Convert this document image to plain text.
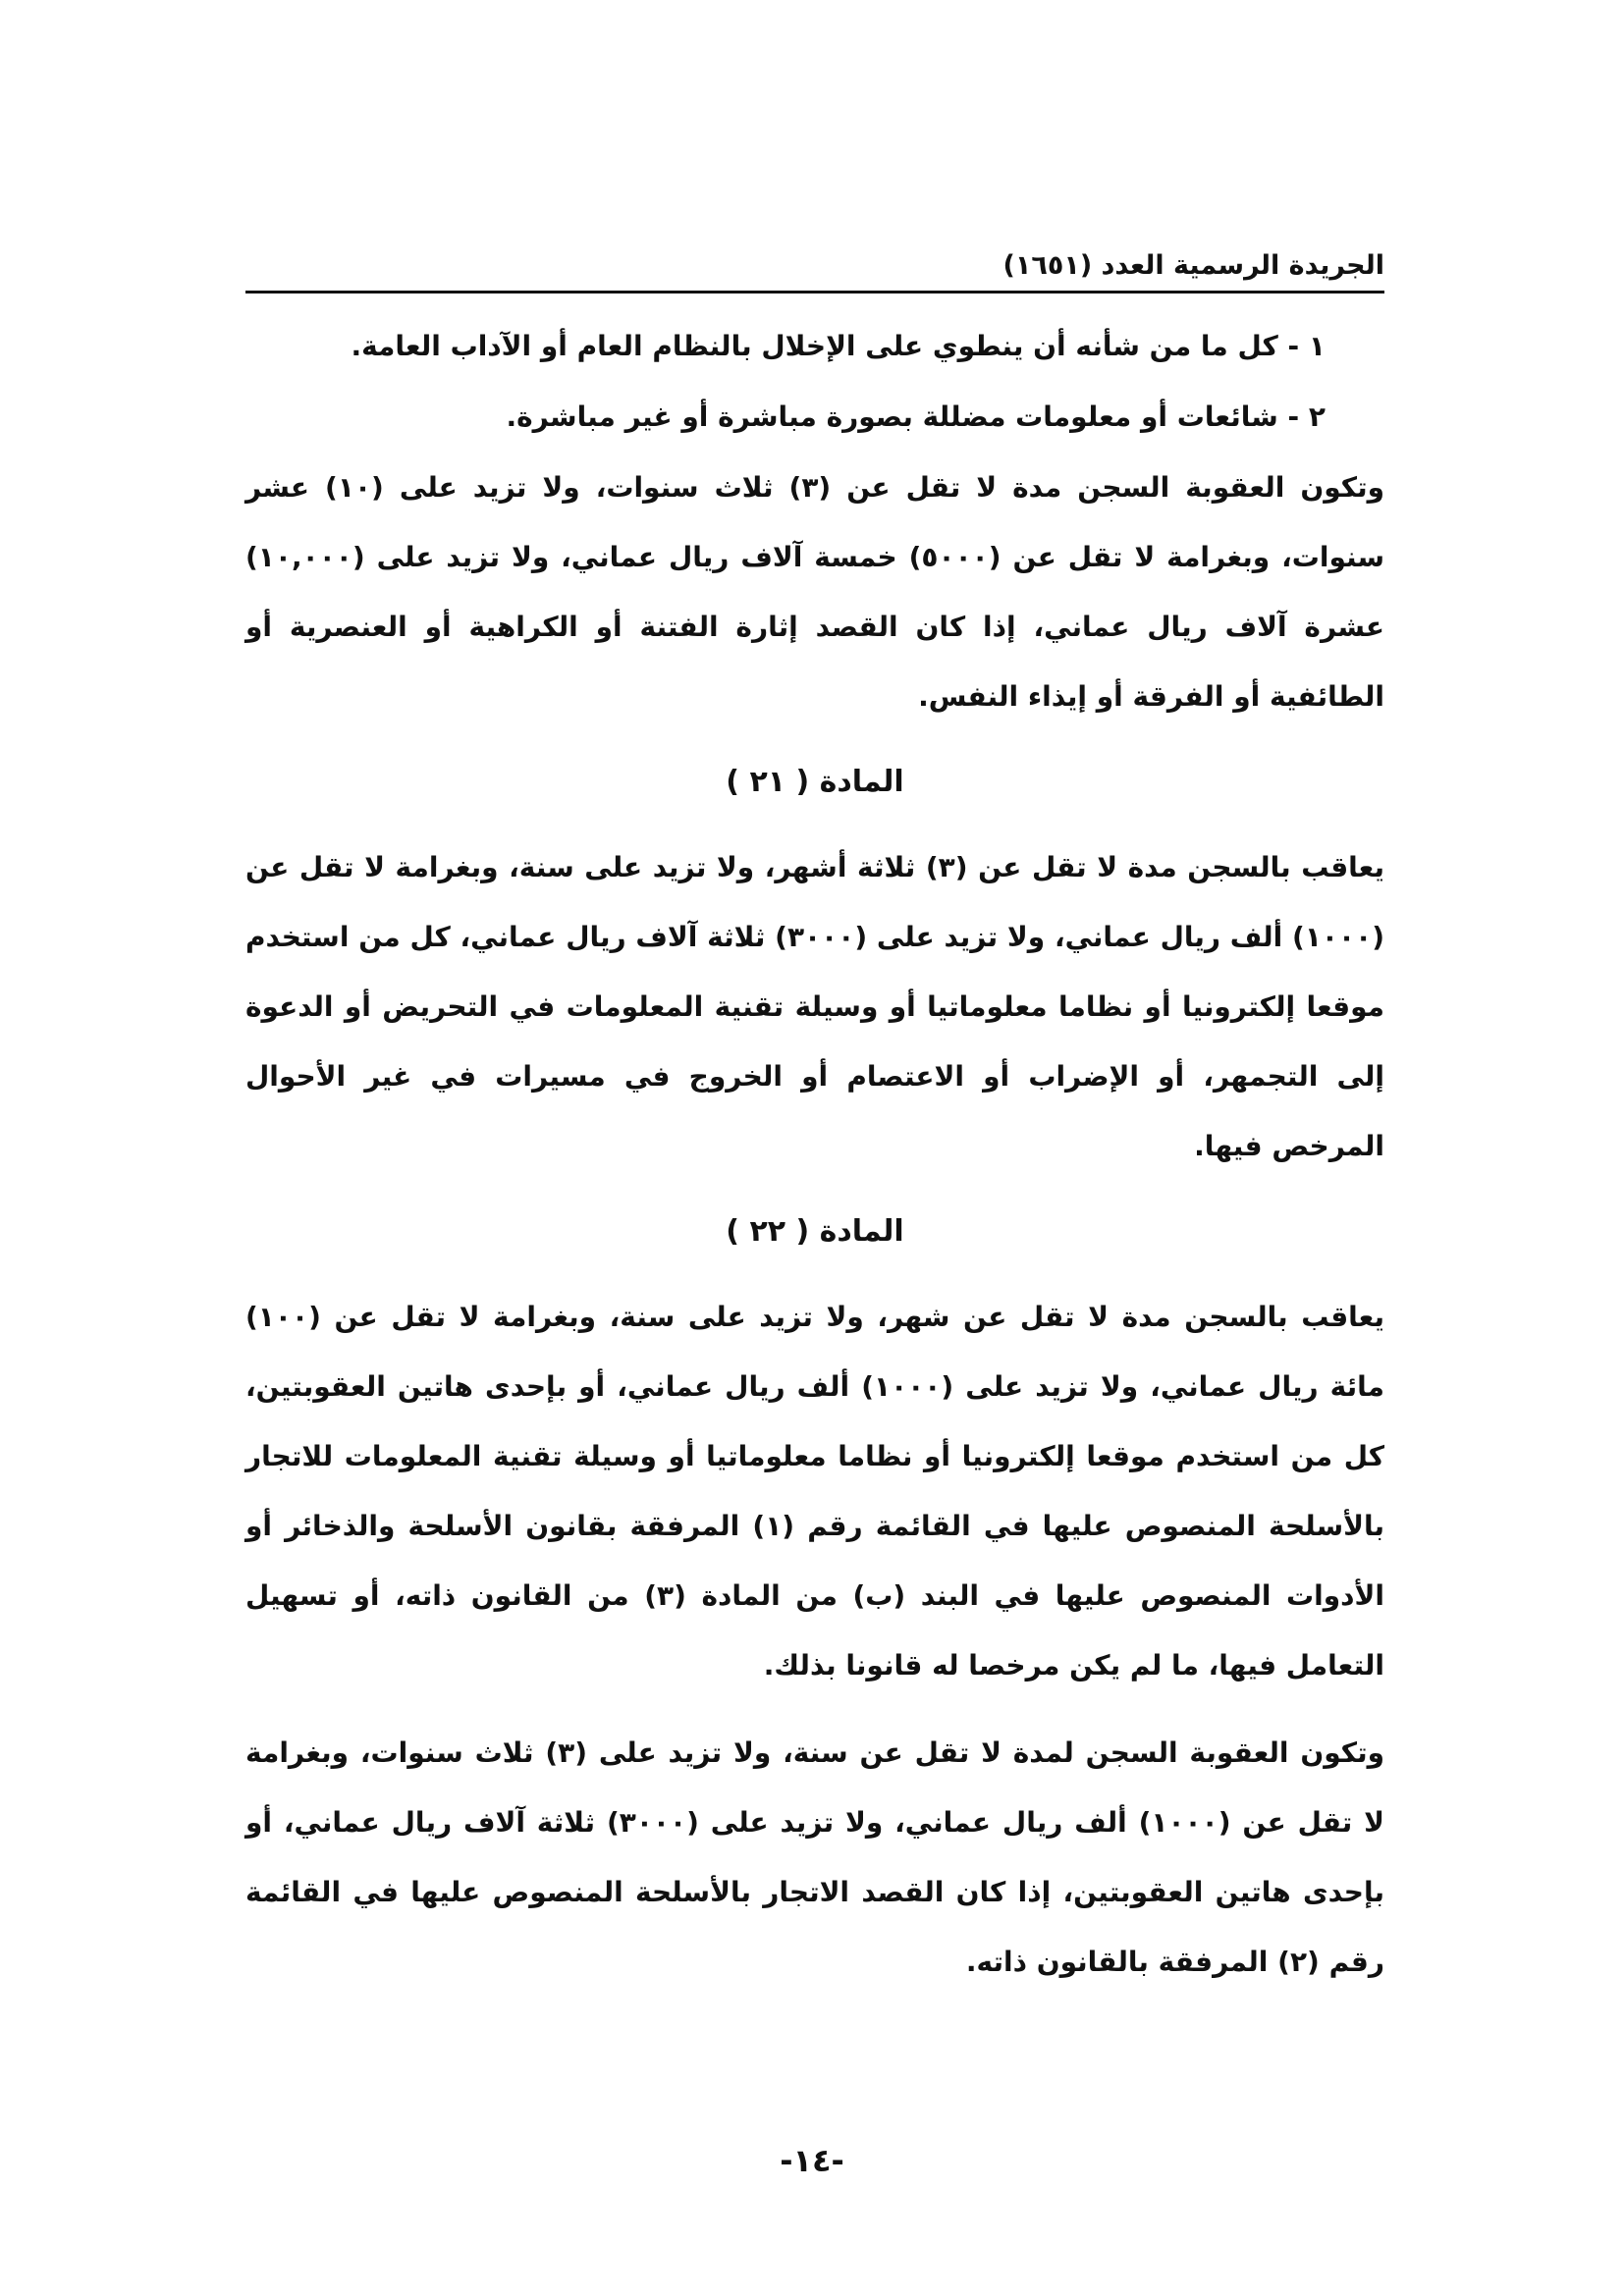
الجريدة الرسمية العدد (١٦٥١)
١ - كل ما من شأنه أن ينطوي على الإخلال بالنظام العام أو الآداب العامة.
٢ - شائعات أو معلومات مضللة بصورة مباشرة أو غير مباشرة.

وتكون العقوبة السجن مدة لا تقل عن (٣) ثلاث سنوات، ولا تزيد على (١٠) عشر سنوات، وبغرامة لا تقل عن (٥٠٠٠) خمسة آلاف ريال عماني، ولا تزيد على (١٠,٠٠٠) عشرة آلاف ريال عماني، إذا كان القصد إثارة الفتنة أو الكراهية أو العنصرية أو الطائفية أو الفرقة أو إيذاء النفس.

المادة ( ٢١ )

يعاقب بالسجن مدة لا تقل عن (٣) ثلاثة أشهر، ولا تزيد على سنة، وبغرامة لا تقل عن (١٠٠٠) ألف ريال عماني، ولا تزيد على (٣٠٠٠) ثلاثة آلاف ريال عماني، كل من استخدم موقعا إلكترونيا أو نظاما معلوماتيا أو وسيلة تقنية المعلومات في التحريض أو الدعوة إلى التجمهر، أو الإضراب أو الاعتصام أو الخروج في مسيرات في غير الأحوال المرخص فيها.

المادة ( ٢٢ )

يعاقب بالسجن مدة لا تقل عن شهر، ولا تزيد على سنة، وبغرامة لا تقل عن (١٠٠) مائة ريال عماني، ولا تزيد على (١٠٠٠) ألف ريال عماني، أو بإحدى هاتين العقوبتين، كل من استخدم موقعا إلكترونيا أو نظاما معلوماتيا أو وسيلة تقنية المعلومات للاتجار بالأسلحة المنصوص عليها في القائمة رقم (١) المرفقة بقانون الأسلحة والذخائر أو الأدوات المنصوص عليها في البند (ب) من المادة (٣) من القانون ذاته، أو تسهيل التعامل فيها، ما لم يكن مرخصا له قانونا بذلك.

وتكون العقوبة السجن لمدة لا تقل عن سنة، ولا تزيد على (٣) ثلاث سنوات، وبغرامة لا تقل عن (١٠٠٠) ألف ريال عماني، ولا تزيد على (٣٠٠٠) ثلاثة آلاف ريال عماني، أو بإحدى هاتين العقوبتين، إذا كان القصد الاتجار بالأسلحة المنصوص عليها في القائمة رقم (٢) المرفقة بالقانون ذاته.

-١٤-
